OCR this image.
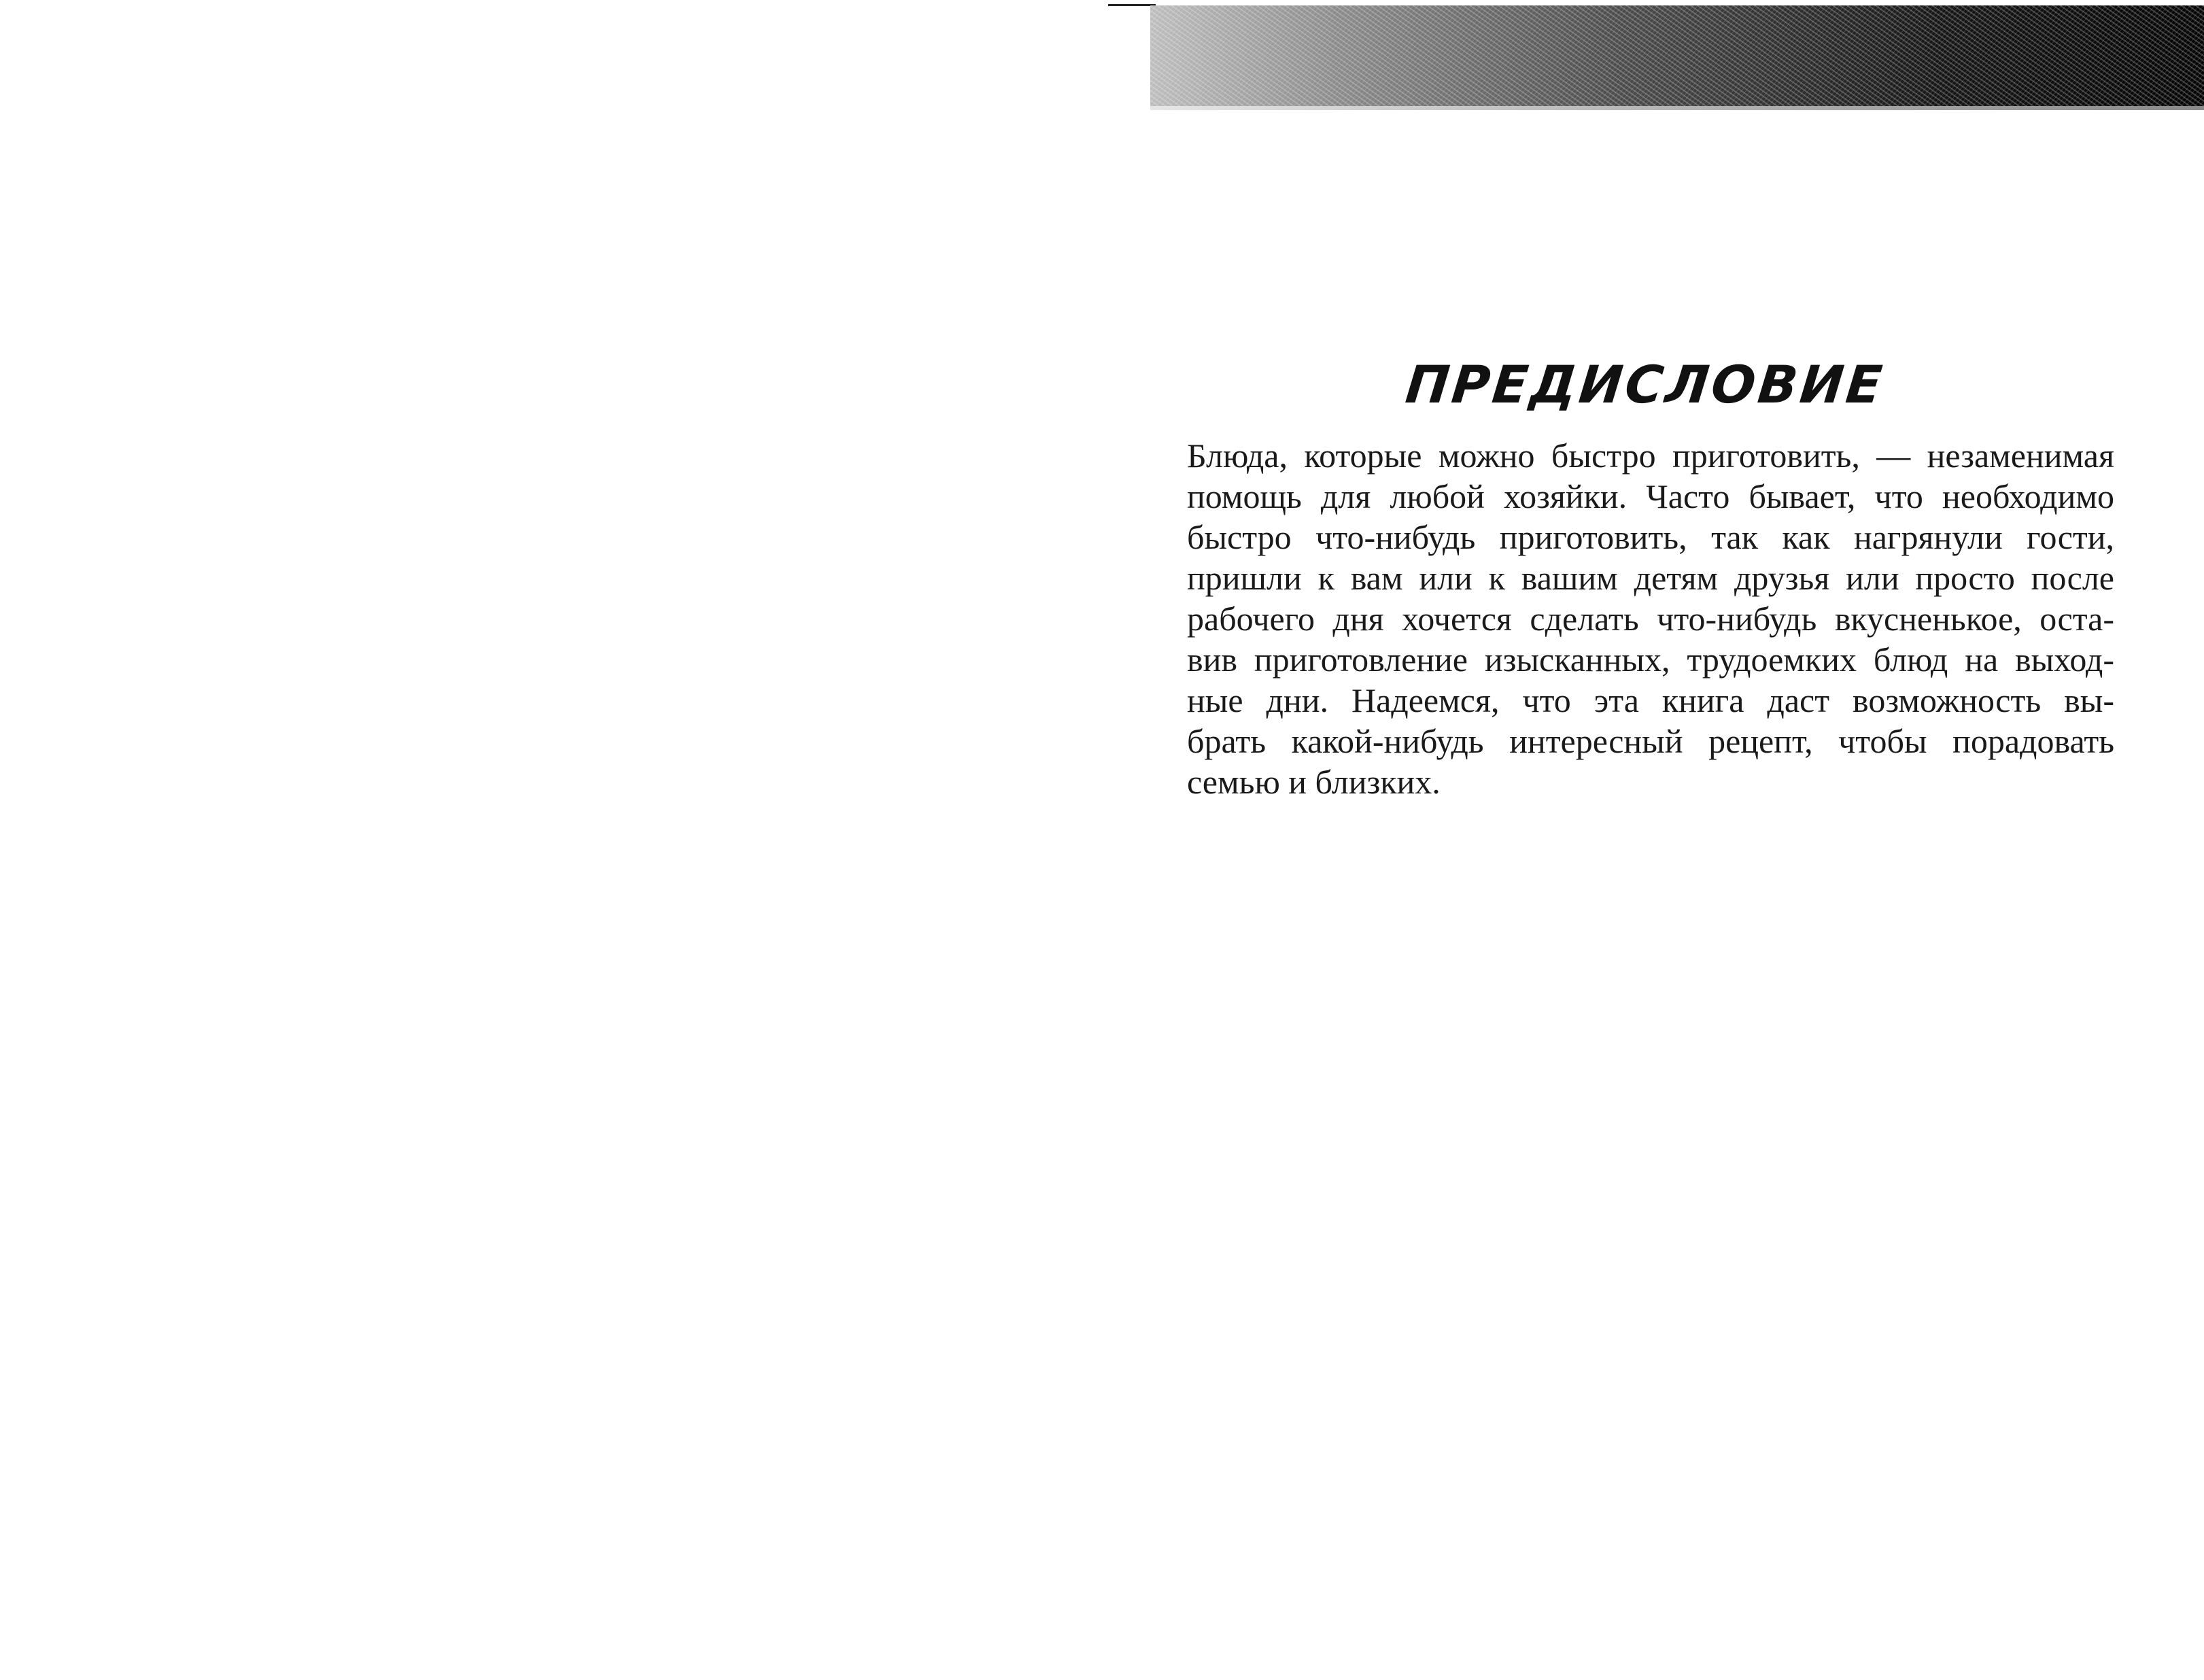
ПРЕДИСЛОВИЕ
Блюда, которые можно быстро приготовить, — незаменимая
помощь для любой хозяйки. Часто бывает, что необходимо
быстро что-нибудь приготовить, так как нагрянули гости,
пришли к вам или к вашим детям друзья или просто после
рабочего дня хочется сделать что-нибудь вкусненькое, оста-
вив приготовление изысканных, трудоемких блюд на выход-
ные дни. Надеемся, что эта книга даст возможность вы-
брать какой-нибудь интересный рецепт, чтобы порадовать
семью и близких.
